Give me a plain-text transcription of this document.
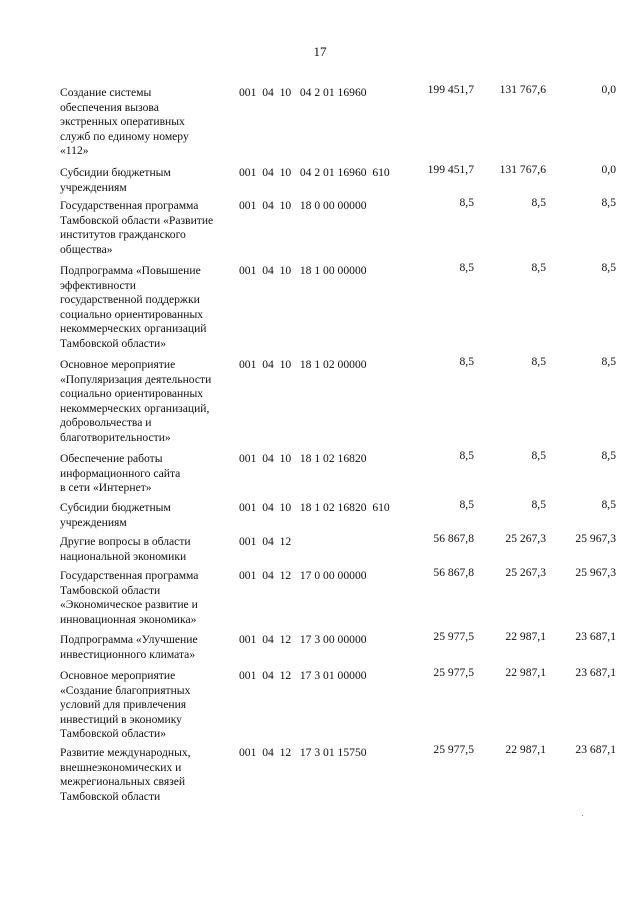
17
Создание системы
обеспечения вызова
экстренных оперативных
служб по единому номеру
«112»
001  04  10   04 2 01 16960	199 451,7	131 767,6	0,0
Субсидии бюджетным
учреждениям
001  04  10   04 2 01 16960  610	199 451,7	131 767,6	0,0
Государственная программа
Тамбовской области «Развитие
институтов гражданского
общества»
001  04  10   18 0 00 00000	8,5	8,5	8,5
Подпрограмма «Повышение
эффективности
государственной поддержки
социально ориентированных
некоммерческих организаций
Тамбовской области»
001  04  10   18 1 00 00000	8,5	8,5	8,5
Основное мероприятие
«Популяризация деятельности
социально ориентированных
некоммерческих организаций,
добровольчества и
благотворительности»
001  04  10   18 1 02 00000	8,5	8,5	8,5
Обеспечение работы
информационного сайта
в сети «Интернет»
001  04  10   18 1 02 16820	8,5	8,5	8,5
Субсидии бюджетным
учреждениям
001  04  10   18 1 02 16820  610	8,5	8,5	8,5
Другие вопросы в области
национальной экономики
001  04  12	56 867,8	25 267,3	25 967,3
Государственная программа
Тамбовской области
«Экономическое развитие и
инновационная экономика»
001  04  12   17 0 00 00000	56 867,8	25 267,3	25 967,3
Подпрограмма «Улучшение
инвестиционного климата»
001  04  12   17 3 00 00000	25 977,5	22 987,1	23 687,1
Основное мероприятие
«Создание благоприятных
условий для привлечения
инвестиций в экономику
Тамбовской области»
001  04  12   17 3 01 00000	25 977,5	22 987,1	23 687,1
Развитие международных,
внешнеэкономических и
межрегиональных связей
Тамбовской области
001  04  12   17 3 01 15750	25 977,5	22 987,1	23 687,1
